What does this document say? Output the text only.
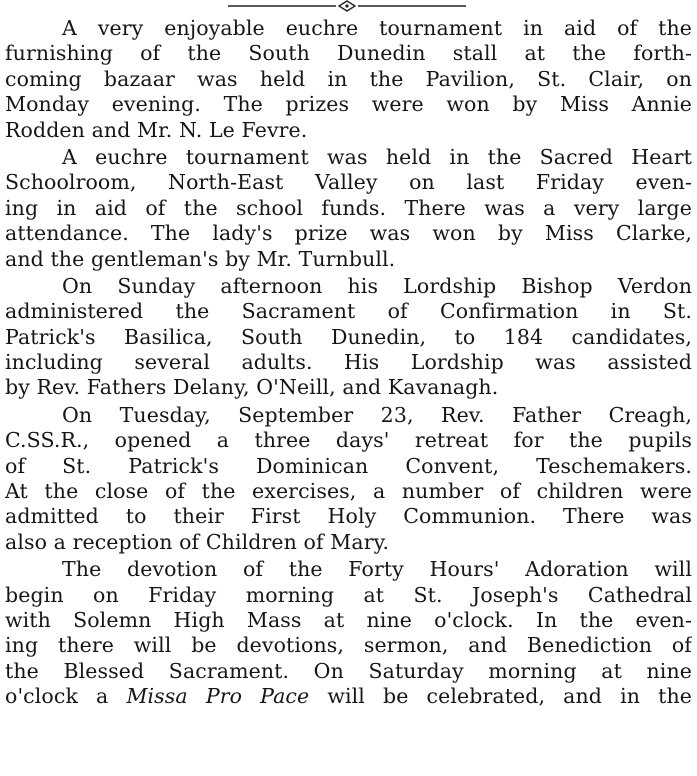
A very enjoyable euchre tournament in aid of the
furnishing of the South Dunedin stall at the forth-
coming bazaar was held in the Pavilion, St. Clair, on
Monday evening. The prizes were won by Miss Annie
Rodden and Mr. N. Le Fevre.
A euchre tournament was held in the Sacred Heart
Schoolroom, North-East Valley on last Friday even-
ing in aid of the school funds. There was a very large
attendance. The lady's prize was won by Miss Clarke,
and the gentleman's by Mr. Turnbull.
On Sunday afternoon his Lordship Bishop Verdon
administered the Sacrament of Confirmation in St.
Patrick's Basilica, South Dunedin, to 184 candidates,
including several adults. His Lordship was assisted
by Rev. Fathers Delany, O'Neill, and Kavanagh.
On Tuesday, September 23, Rev. Father Creagh,
C.SS.R., opened a three days' retreat for the pupils
of St. Patrick's Dominican Convent, Teschemakers.
At the close of the exercises, a number of children were
admitted to their First Holy Communion. There was
also a reception of Children of Mary.
The devotion of the Forty Hours' Adoration will
begin on Friday morning at St. Joseph's Cathedral
with Solemn High Mass at nine o'clock. In the even-
ing there will be devotions, sermon, and Benediction of
the Blessed Sacrament. On Saturday morning at nine
o'clock a Missa Pro Pace will be celebrated, and in the
